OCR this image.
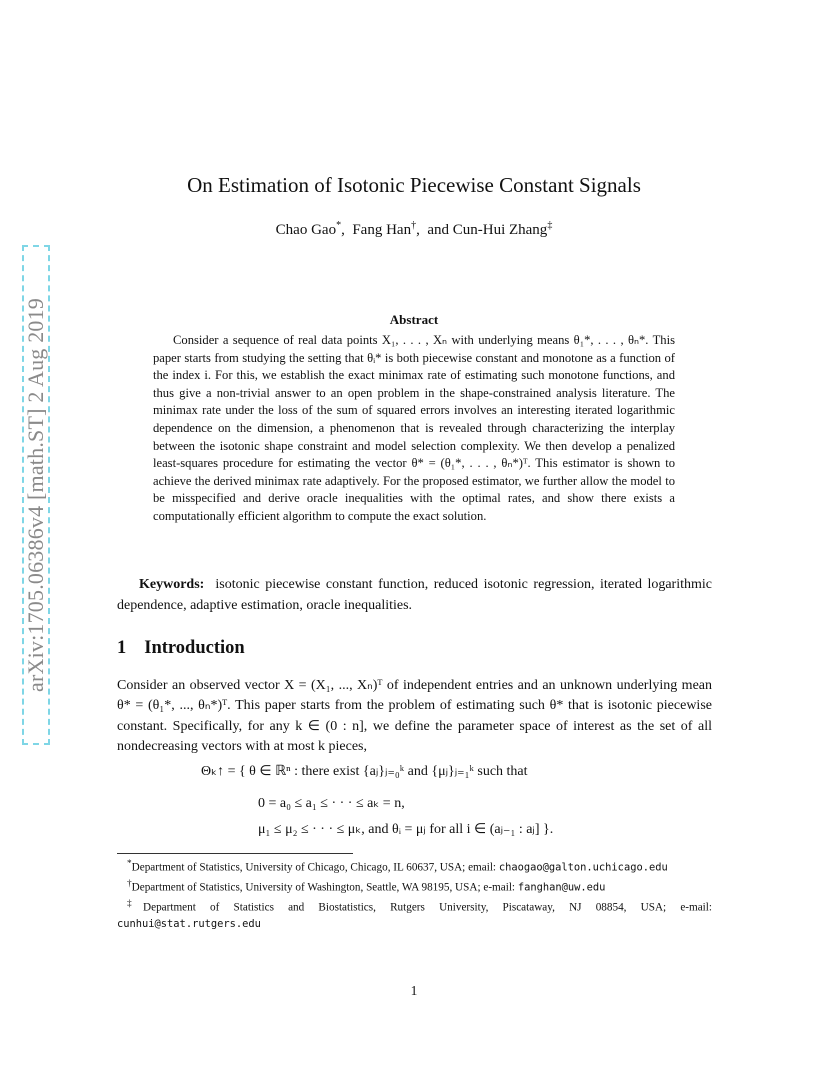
arXiv:1705.06386v4 [math.ST] 2 Aug 2019
On Estimation of Isotonic Piecewise Constant Signals
Chao Gao*,  Fang Han†,  and Cun-Hui Zhang‡
Abstract
Consider a sequence of real data points X₁, . . . , Xₙ with underlying means θ₁*, . . . , θₙ*. This paper starts from studying the setting that θᵢ* is both piecewise constant and monotone as a function of the index i. For this, we establish the exact minimax rate of estimating such monotone functions, and thus give a non-trivial answer to an open problem in the shape-constrained analysis literature. The minimax rate under the loss of the sum of squared errors involves an interesting iterated logarithmic dependence on the dimension, a phenomenon that is revealed through characterizing the interplay between the isotonic shape constraint and model selection complexity. We then develop a penalized least-squares procedure for estimating the vector θ* = (θ₁*, . . . , θₙ*)ᵀ. This estimator is shown to achieve the derived minimax rate adaptively. For the proposed estimator, we further allow the model to be misspecified and derive oracle inequalities with the optimal rates, and show there exists a computationally efficient algorithm to compute the exact solution.
Keywords: isotonic piecewise constant function, reduced isotonic regression, iterated logarithmic dependence, adaptive estimation, oracle inequalities.
1 Introduction
Consider an observed vector X = (X₁, ..., Xₙ)ᵀ of independent entries and an unknown underlying mean θ* = (θ₁*, ..., θₙ*)ᵀ. This paper starts from the problem of estimating such θ* that is isotonic piecewise constant. Specifically, for any k ∈ (0 : n], we define the parameter space of interest as the set of all nondecreasing vectors with at most k pieces,
Θₖ↑ = { θ ∈ ℝⁿ : there exist {aⱼ}ⱼ₌₀ᵏ and {μⱼ}ⱼ₌₁ᵏ such that
0 = a₀ ≤ a₁ ≤ · · · ≤ aₖ = n,
μ₁ ≤ μ₂ ≤ · · · ≤ μₖ, and θᵢ = μⱼ for all i ∈ (aⱼ₋₁ : aⱼ] }.

*Department of Statistics, University of Chicago, Chicago, IL 60637, USA; email: chaogao@galton.uchicago.edu

†Department of Statistics, University of Washington, Seattle, WA 98195, USA; e-mail: fanghan@uw.edu

‡Department of Statistics and Biostatistics, Rutgers University, Piscataway, NJ 08854, USA; e-mail: cunhui@stat.rutgers.edu

1
